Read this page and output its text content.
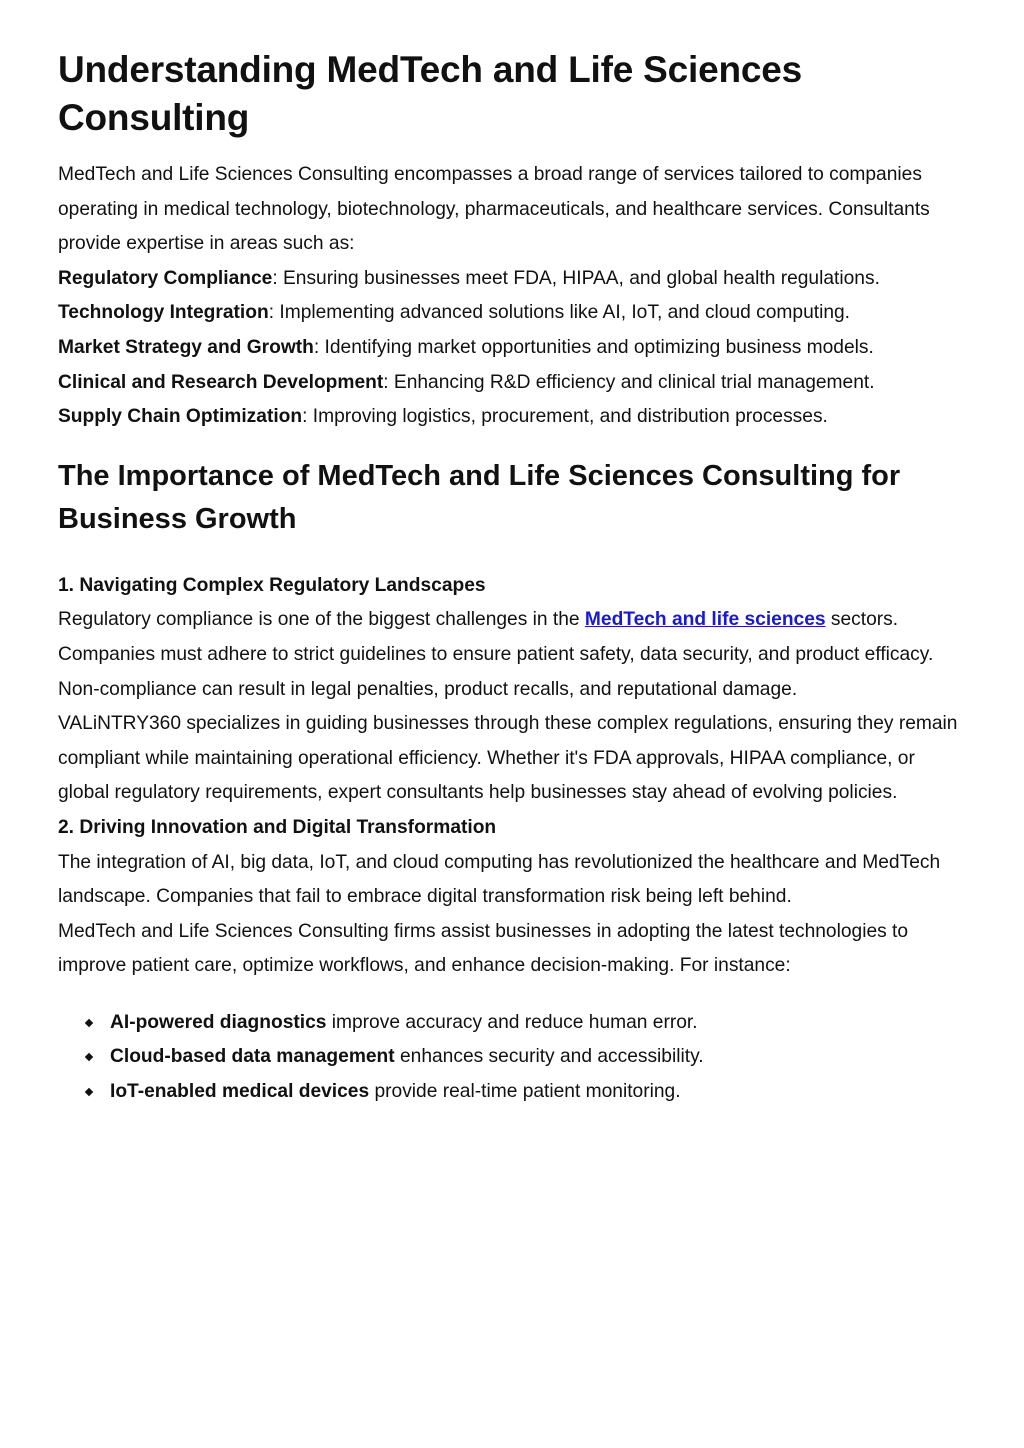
Understanding MedTech and Life Sciences Consulting

MedTech and Life Sciences Consulting encompasses a broad range of services tailored to companies operating in medical technology, biotechnology, pharmaceuticals, and healthcare services. Consultants provide expertise in areas such as:

Regulatory Compliance: Ensuring businesses meet FDA, HIPAA, and global health regulations.

Technology Integration: Implementing advanced solutions like AI, IoT, and cloud computing.

Market Strategy and Growth: Identifying market opportunities and optimizing business models.

Clinical and Research Development: Enhancing R&D efficiency and clinical trial management.

Supply Chain Optimization: Improving logistics, procurement, and distribution processes.

The Importance of MedTech and Life Sciences Consulting for Business Growth
1. Navigating Complex Regulatory Landscapes

Regulatory compliance is one of the biggest challenges in the MedTech and life sciences sectors. Companies must adhere to strict guidelines to ensure patient safety, data security, and product efficacy. Non-compliance can result in legal penalties, product recalls, and reputational damage.

VALiNTRY360 specializes in guiding businesses through these complex regulations, ensuring they remain compliant while maintaining operational efficiency. Whether it's FDA approvals, HIPAA compliance, or global regulatory requirements, expert consultants help businesses stay ahead of evolving policies.

2. Driving Innovation and Digital Transformation

The integration of AI, big data, IoT, and cloud computing has revolutionized the healthcare and MedTech landscape. Companies that fail to embrace digital transformation risk being left behind.

MedTech and Life Sciences Consulting firms assist businesses in adopting the latest technologies to improve patient care, optimize workflows, and enhance decision-making. For instance:

AI-powered diagnostics improve accuracy and reduce human error.
Cloud-based data management enhances security and accessibility.
IoT-enabled medical devices provide real-time patient monitoring.
